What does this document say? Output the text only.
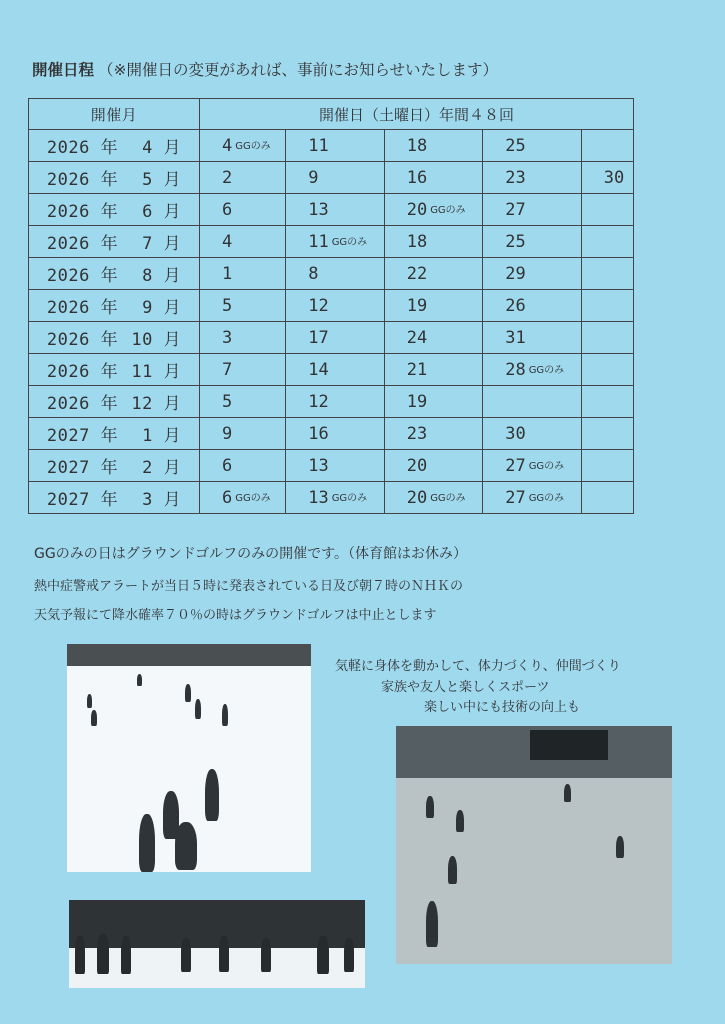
開催日程 （※開催日の変更があれば、事前にお知らせいたします）
開催月	開催日（土曜日）年間４８回				
2026 年 4 月	4 GGのみ	11	18	25	
2026 年 5 月	2	9	16	23	30
2026 年 6 月	6	13	20 GGのみ	27	
2026 年 7 月	4	11 GGのみ	18	25	
2026 年 8 月	1	8	22	29	
2026 年 9 月	5	12	19	26	
2026 年 10 月	3	17	24	31	
2026 年 11 月	7	14	21	28 GGのみ	
2026 年 12 月	5	12	19		
2027 年 1 月	9	16	23	30	
2027 年 2 月	6	13	20	27 GGのみ	
2027 年 3 月	6 GGのみ	13 GGのみ	20 GGのみ	27 GGのみ	
GGのみの日はグラウンドゴルフのみの開催です。（体育館はお休み）
熱中症警戒アラートが当日５時に発表されている日及び朝７時のＮＨＫの
天気予報にて降水確率７０％の時はグラウンドゴルフは中止とします
気軽に身体を動かして、体力づくり、仲間づくり
家族や友人と楽しくスポーツ
楽しい中にも技術の向上も
